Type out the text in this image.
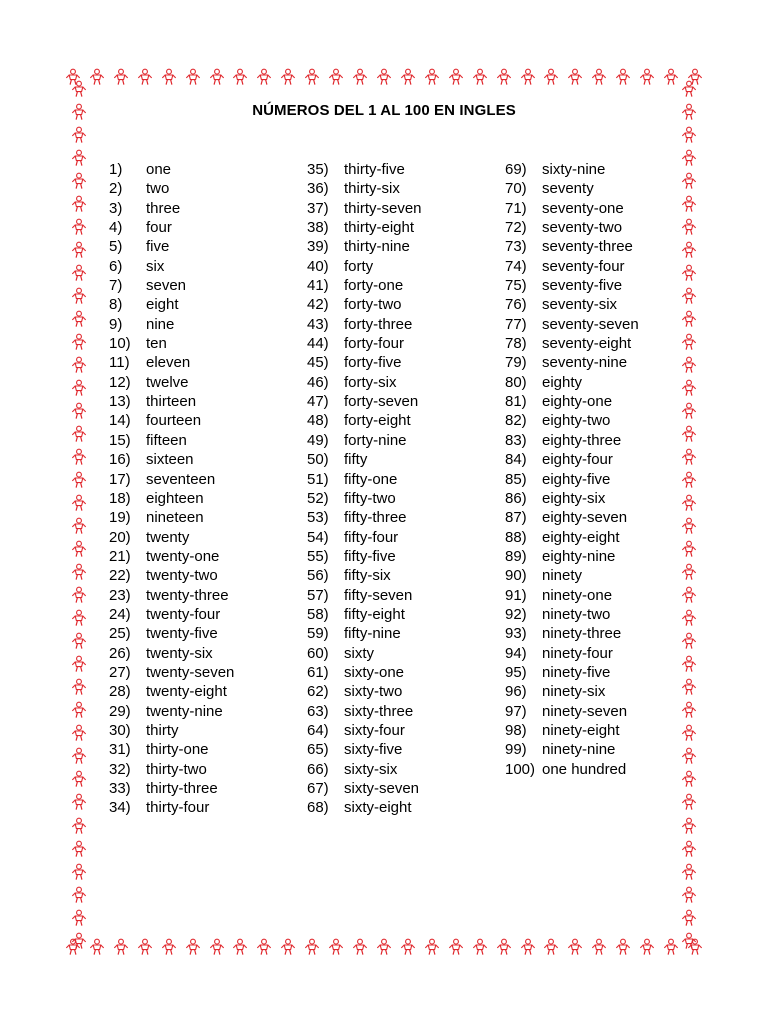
NÚMEROS DEL 1 AL 100 EN INGLES
1)	one
2)	two
3)	three
4)	four
5)	five
6)	six
7)	seven
8)	eight
9)	nine
10)	ten
11)	eleven
12)	twelve
13)	thirteen
14)	fourteen
15)	fifteen
16)	sixteen
17)	seventeen
18)	eighteen
19)	nineteen
20)	twenty
21)	twenty-one
22)	twenty-two
23)	twenty-three
24)	twenty-four
25)	twenty-five
26)	twenty-six
27)	twenty-seven
28)	twenty-eight
29)	twenty-nine
30)	thirty
31)	thirty-one
32)	thirty-two
33)	thirty-three
34)	thirty-four
35)	thirty-five
36)	thirty-six
37)	thirty-seven
38)	thirty-eight
39)	thirty-nine
40)	forty
41)	forty-one
42)	forty-two
43)	forty-three
44)	forty-four
45)	forty-five
46)	forty-six
47)	forty-seven
48)	forty-eight
49)	forty-nine
50)	fifty
51)	fifty-one
52)	fifty-two
53)	fifty-three
54)	fifty-four
55)	fifty-five
56)	fifty-six
57)	fifty-seven
58)	fifty-eight
59)	fifty-nine
60)	sixty
61)	sixty-one
62)	sixty-two
63)	sixty-three
64)	sixty-four
65)	sixty-five
66)	sixty-six
67)	sixty-seven
68)	sixty-eight
69)	sixty-nine
70)	seventy
71)	seventy-one
72)	seventy-two
73)	seventy-three
74)	seventy-four
75)	seventy-five
76)	seventy-six
77)	seventy-seven
78)	seventy-eight
79)	seventy-nine
80)	eighty
81)	eighty-one
82)	eighty-two
83)	eighty-three
84)	eighty-four
85)	eighty-five
86)	eighty-six
87)	eighty-seven
88)	eighty-eight
89)	eighty-nine
90)	ninety
91)	ninety-one
92)	ninety-two
93)	ninety-three
94)	ninety-four
95)	ninety-five
96)	ninety-six
97)	ninety-seven
98)	ninety-eight
99)	ninety-nine
100) one hundred
